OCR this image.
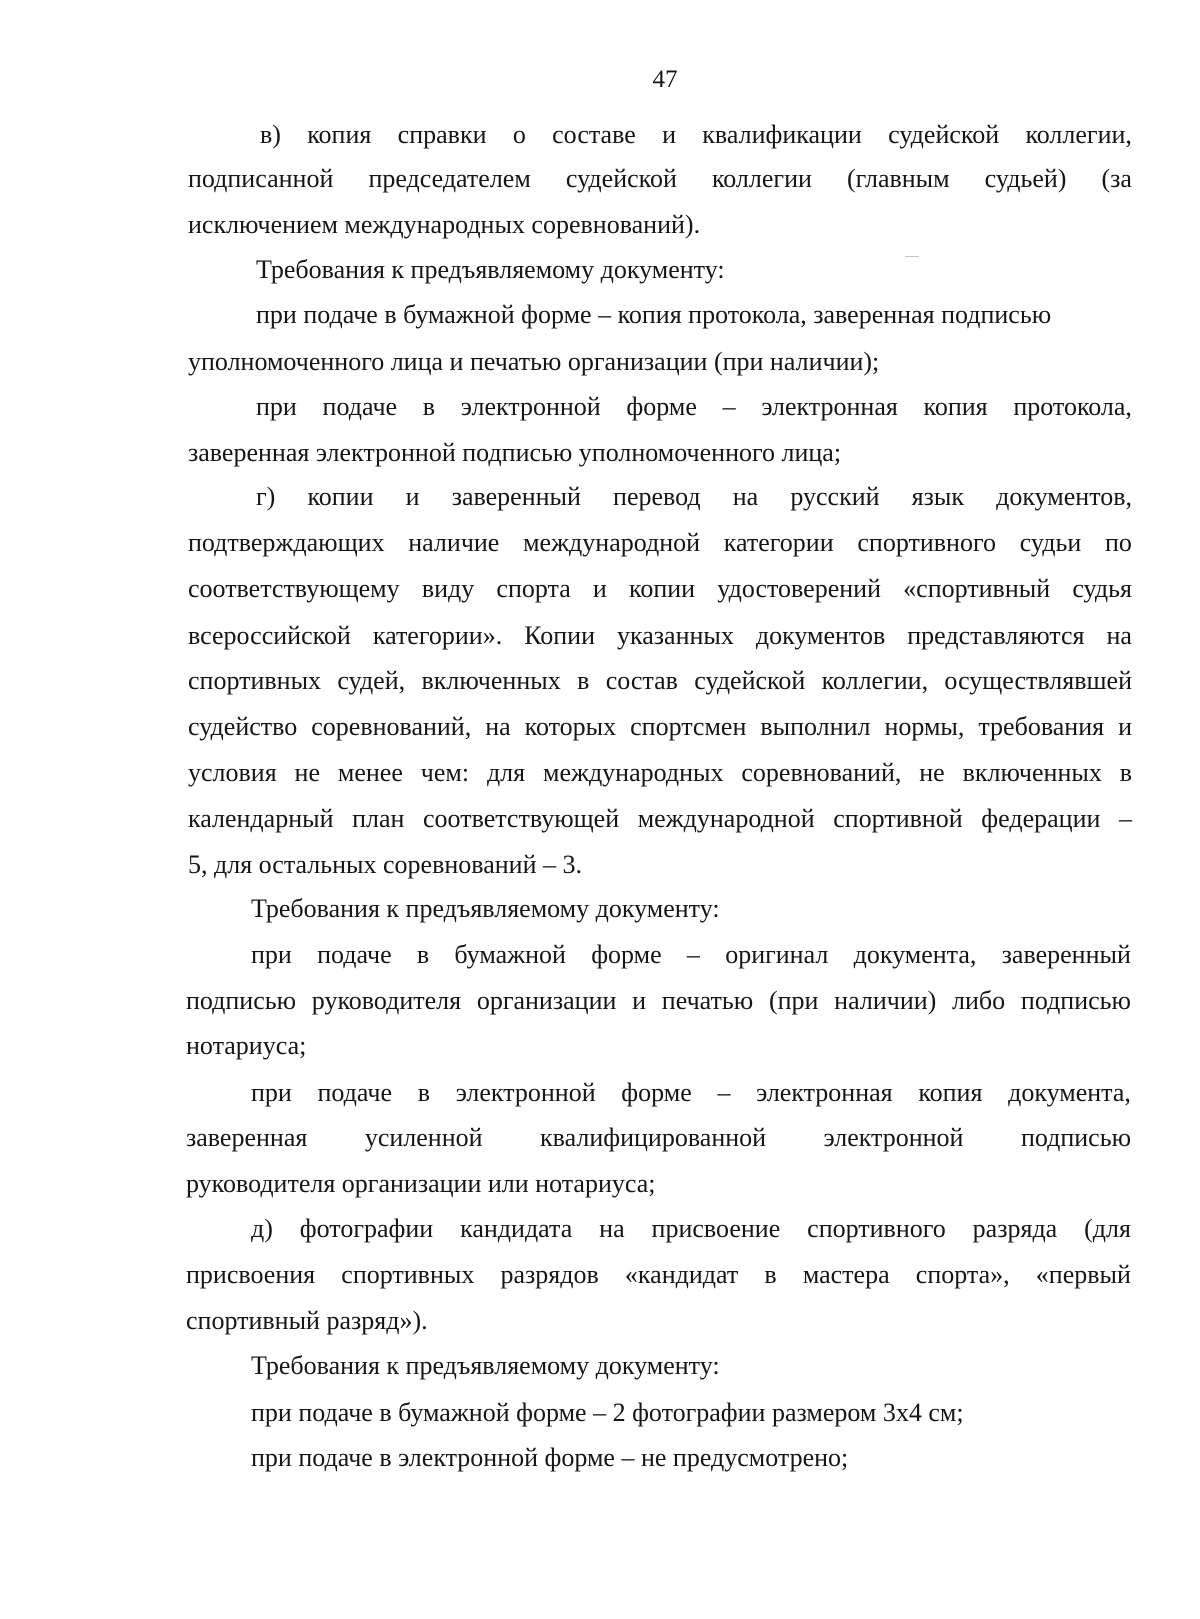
47

в) копия справки о составе и квалификации судейской коллегии,

подписанной председателем судейской коллегии (главным судьей) (за

исключением международных соревнований).

Требования к предъявляемому документу:

при подаче в бумажной форме – копия протокола, заверенная подписью

уполномоченного лица и печатью организации (при наличии);

при подаче в электронной форме – электронная копия протокола,

заверенная электронной подписью уполномоченного лица;

г) копии и заверенный перевод на русский язык документов,

подтверждающих наличие международной категории спортивного судьи по

соответствующему виду спорта и копии удостоверений «спортивный судья

всероссийской категории». Копии указанных документов представляются на

спортивных судей, включенных в состав судейской коллегии, осуществлявшей

судейство соревнований, на которых спортсмен выполнил нормы, требования и

условия не менее чем: для международных соревнований, не включенных в

календарный план соответствующей международной спортивной федерации –

5, для остальных соревнований – 3.

Требования к предъявляемому документу:

при подаче в бумажной форме – оригинал документа, заверенный

подписью руководителя организации и печатью (при наличии) либо подписью

нотариуса;

при подаче в электронной форме – электронная копия документа,

заверенная усиленной квалифицированной электронной подписью

руководителя организации или нотариуса;

д) фотографии кандидата на присвоение спортивного разряда (для

присвоения спортивных разрядов «кандидат в мастера спорта», «первый

спортивный разряд»).

Требования к предъявляемому документу:

при подаче в бумажной форме – 2 фотографии размером 3х4 см;

при подаче в электронной форме – не предусмотрено;
